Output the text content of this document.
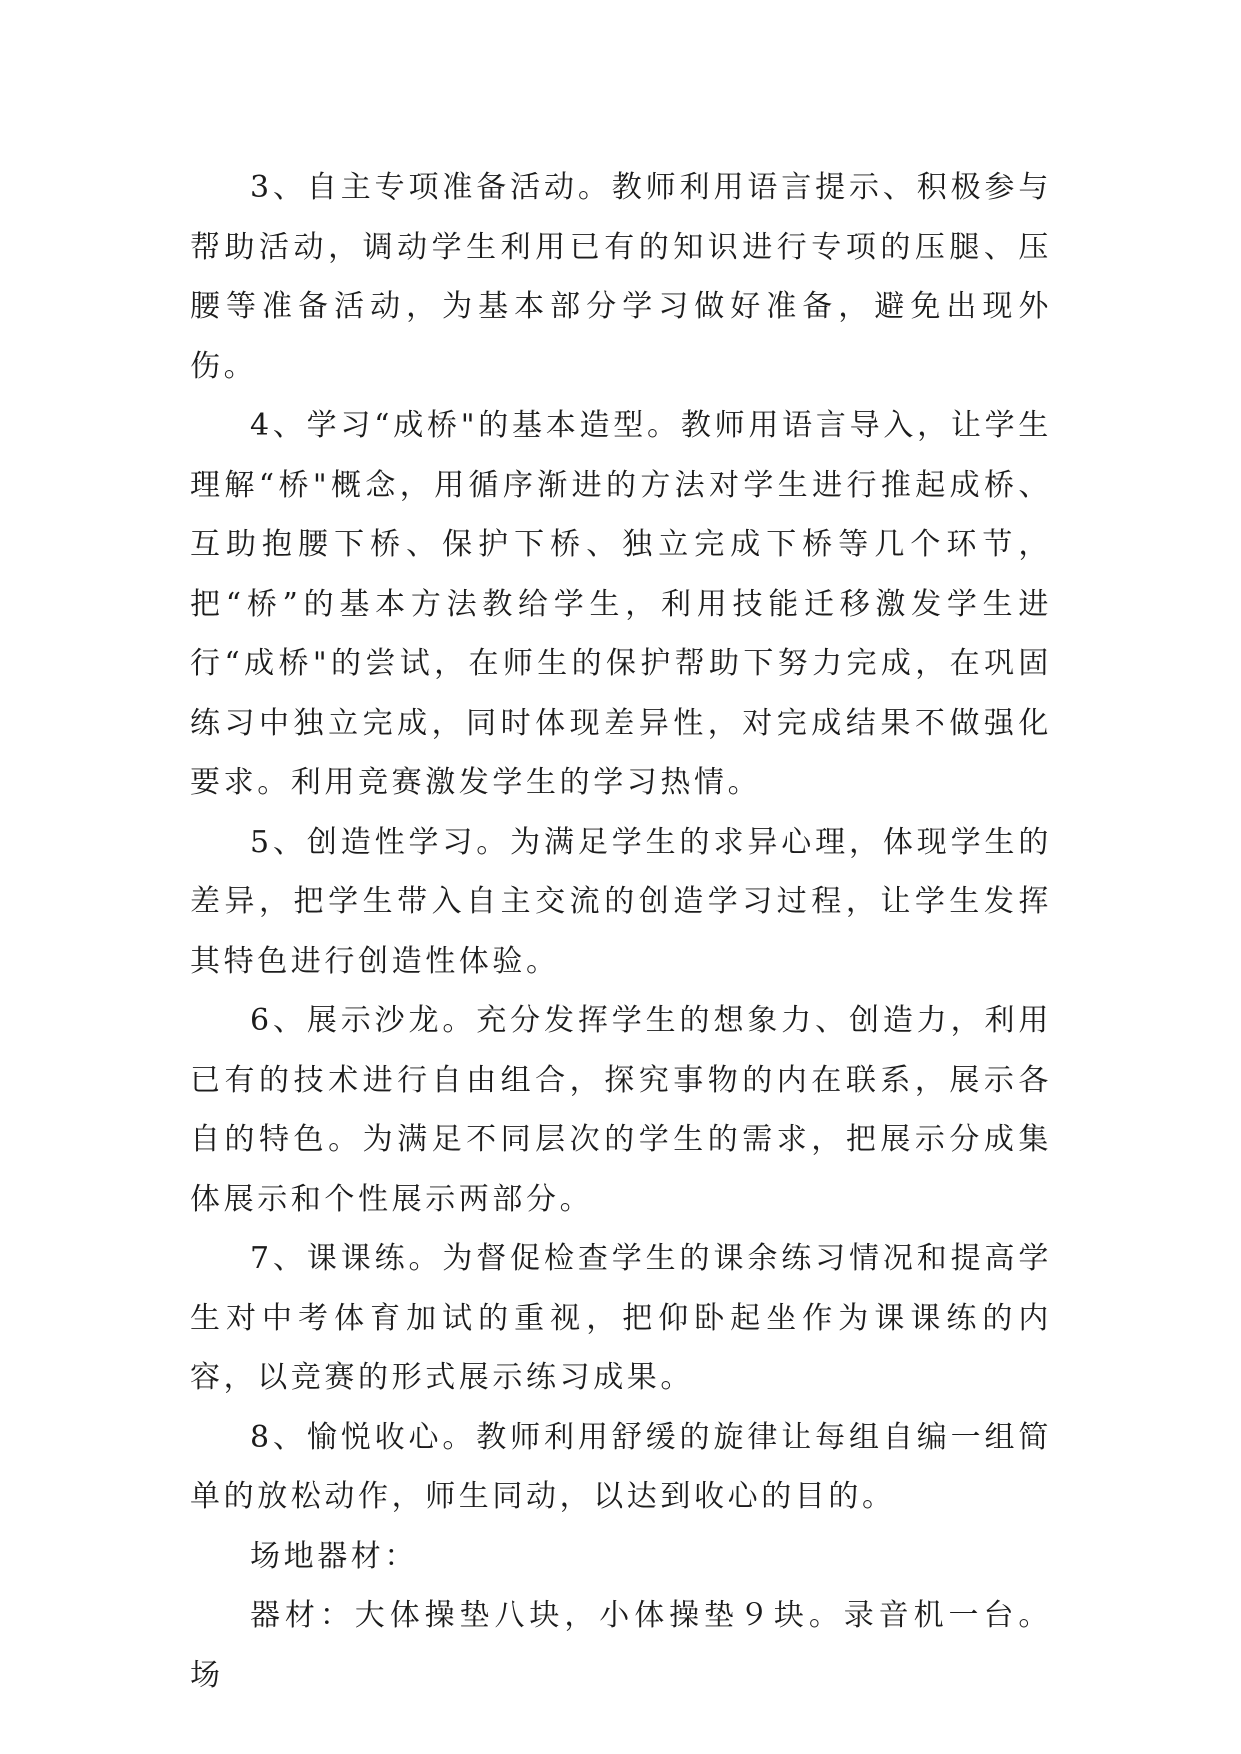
3、自主专项准备活动。教师利用语言提示、积极参与帮助活动，调动学生利用已有的知识进行专项的压腿、压腰等准备活动，为基本部分学习做好准备，避免出现外伤。

4、学习“成桥"的基本造型。教师用语言导入，让学生理解“桥"概念，用循序渐进的方法对学生进行推起成桥、互助抱腰下桥、保护下桥、独立完成下桥等几个环节，把“桥”的基本方法教给学生，利用技能迁移激发学生进行“成桥"的尝试，在师生的保护帮助下努力完成，在巩固练习中独立完成，同时体现差异性，对完成结果不做强化要求。利用竞赛激发学生的学习热情。

5、创造性学习。为满足学生的求异心理，体现学生的差异，把学生带入自主交流的创造学习过程，让学生发挥其特色进行创造性体验。

6、展示沙龙。充分发挥学生的想象力、创造力，利用已有的技术进行自由组合，探究事物的内在联系，展示各自的特色。为满足不同层次的学生的需求，把展示分成集体展示和个性展示两部分。

7、课课练。为督促检查学生的课余练习情况和提高学生对中考体育加试的重视，把仰卧起坐作为课课练的内容，以竞赛的形式展示练习成果。

8、愉悦收心。教师利用舒缓的旋律让每组自编一组简单的放松动作，师生同动，以达到收心的目的。

场地器材：

器材：大体操垫八块，小体操垫９块。录音机一台。场
